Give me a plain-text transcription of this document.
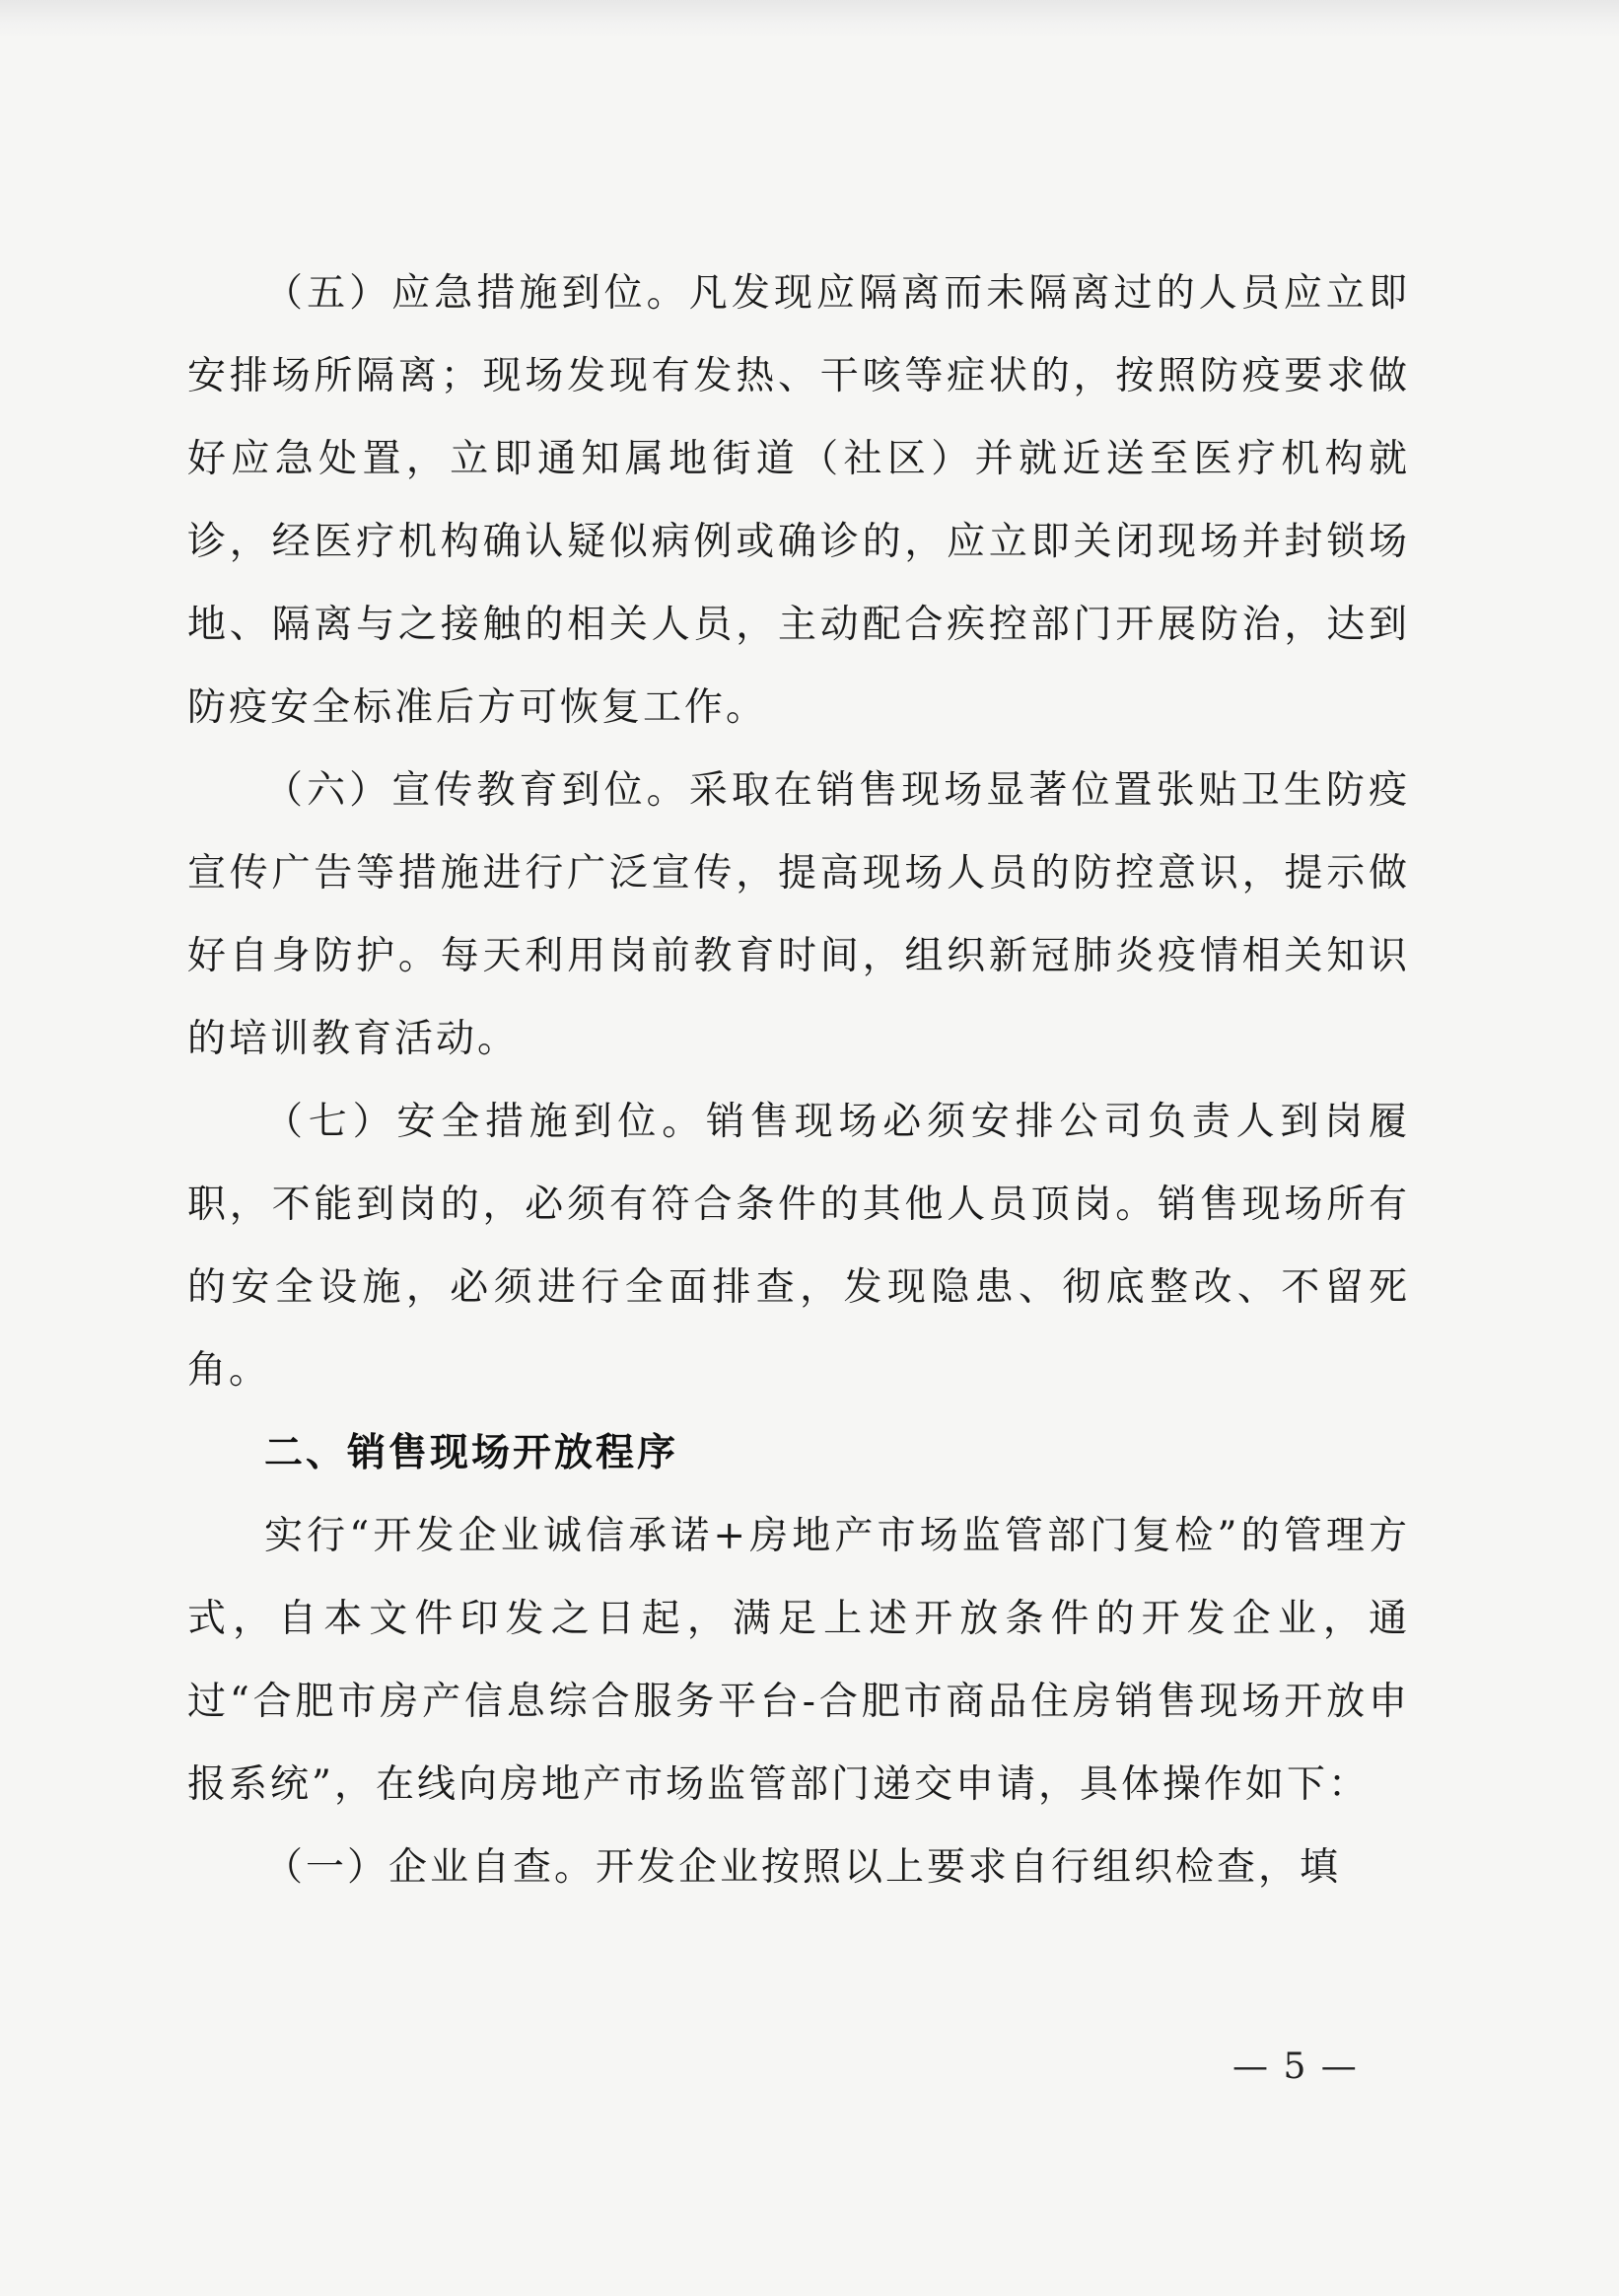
（五）应急措施到位。凡发现应隔离而未隔离过的人员应立即安排场所隔离；现场发现有发热、干咳等症状的，按照防疫要求做好应急处置，立即通知属地街道（社区）并就近送至医疗机构就诊，经医疗机构确认疑似病例或确诊的，应立即关闭现场并封锁场地、隔离与之接触的相关人员，主动配合疾控部门开展防治，达到防疫安全标准后方可恢复工作。

（六）宣传教育到位。采取在销售现场显著位置张贴卫生防疫宣传广告等措施进行广泛宣传，提高现场人员的防控意识，提示做好自身防护。每天利用岗前教育时间，组织新冠肺炎疫情相关知识的培训教育活动。

（七）安全措施到位。销售现场必须安排公司负责人到岗履职，不能到岗的，必须有符合条件的其他人员顶岗。销售现场所有的安全设施，必须进行全面排查，发现隐患、彻底整改、不留死角。

二、销售现场开放程序

实行“开发企业诚信承诺+房地产市场监管部门复检”的管理方式，自本文件印发之日起，满足上述开放条件的开发企业，通过“合肥市房产信息综合服务平台-合肥市商品住房销售现场开放申报系统”，在线向房地产市场监管部门递交申请，具体操作如下：

（一）企业自查。开发企业按照以上要求自行组织检查，填

— 5 —
